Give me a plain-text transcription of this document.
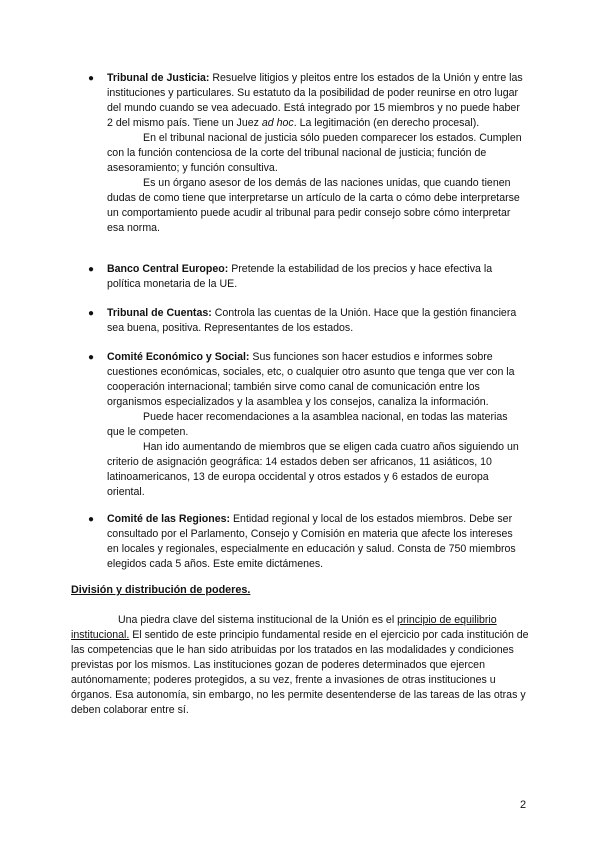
● Tribunal de Justicia: Resuelve litigios y pleitos entre los estados de la Unión y entre las instituciones y particulares. Su estatuto da la posibilidad de poder reunirse en otro lugar del mundo cuando se vea adecuado. Está integrado por 15 miembros y no puede haber 2 del mismo país. Tiene un Juez ad hoc. La legitimación (en derecho procesal).

En el tribunal nacional de justicia sólo pueden comparecer los estados. Cumplen con la función contenciosa de la corte del tribunal nacional de justicia; función de asesoramiento; y función consultiva.

Es un órgano asesor de los demás de las naciones unidas, que cuando tienen dudas de como tiene que interpretarse un artículo de la carta o cómo debe interpretarse un comportamiento puede acudir al tribunal para pedir consejo sobre cómo interpretar esa norma.

● Banco Central Europeo: Pretende la estabilidad de los precios y hace efectiva la política monetaria de la UE.

● Tribunal de Cuentas: Controla las cuentas de la Unión. Hace que la gestión financiera sea buena, positiva. Representantes de los estados.

● Comité Económico y Social: Sus funciones son hacer estudios e informes sobre cuestiones económicas, sociales, etc, o cualquier otro asunto que tenga que ver con la cooperación internacional; también sirve como canal de comunicación entre los organismos especializados y la asamblea y los consejos, canaliza la información.

Puede hacer recomendaciones a la asamblea nacional, en todas las materias que le competen.

Han ido aumentando de miembros que se eligen cada cuatro años siguiendo un criterio de asignación geográfica: 14 estados deben ser africanos, 11 asiáticos, 10 latinoamericanos, 13 de europa occidental y otros estados y 6 estados de europa oriental.

● Comité de las Regiones: Entidad regional y local de los estados miembros. Debe ser consultado por el Parlamento, Consejo y Comisión en materia que afecte los intereses en locales y regionales, especialmente en educación y salud. Consta de 750 miembros elegidos cada 5 años. Este emite dictámenes.

División y distribución de poderes.

Una piedra clave del sistema institucional de la Unión es el principio de equilibrio institucional. El sentido de este principio fundamental reside en el ejercicio por cada institución de las competencias que le han sido atribuidas por los tratados en las modalidades y condiciones previstas por los mismos. Las instituciones gozan de poderes determinados que ejercen autónomamente; poderes protegidos, a su vez, frente a invasiones de otras instituciones u órganos. Esa autonomía, sin embargo, no les permite desentenderse de las tareas de las otras y deben colaborar entre sí.

2
